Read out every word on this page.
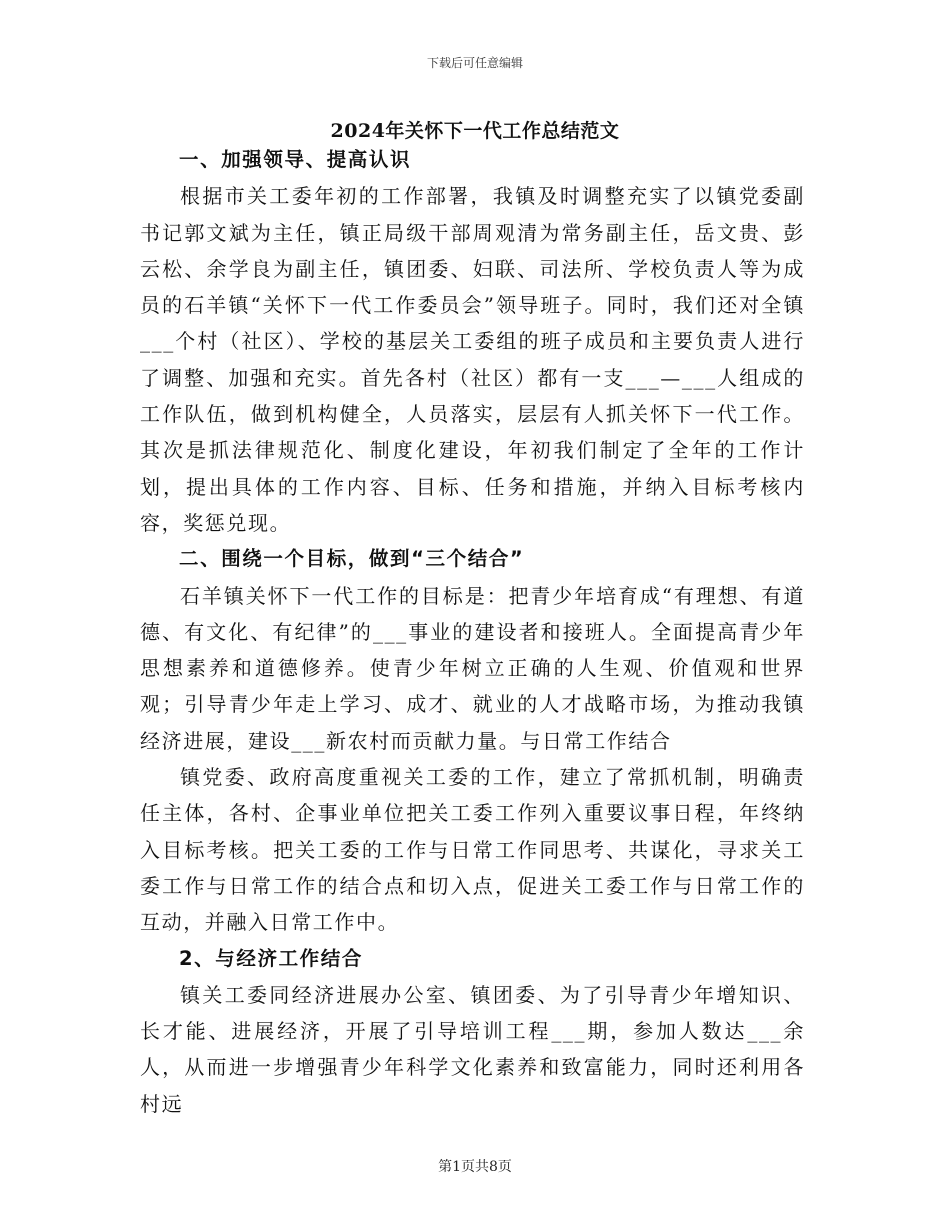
下载后可任意编辑
2024年关怀下一代工作总结范文

一、加强领导、提高认识

根据市关工委年初的工作部署，我镇及时调整充实了以镇党委副书记郭文斌为主任，镇正局级干部周观清为常务副主任，岳文贵、彭云松、余学良为副主任，镇团委、妇联、司法所、学校负责人等为成员的石羊镇“关怀下一代工作委员会”领导班子。同时，我们还对全镇___个村（社区）、学校的基层关工委组的班子成员和主要负责人进行了调整、加强和充实。首先各村（社区）都有一支___—___人组成的工作队伍，做到机构健全，人员落实，层层有人抓关怀下一代工作。其次是抓法律规范化、制度化建设，年初我们制定了全年的工作计划，提出具体的工作内容、目标、任务和措施，并纳入目标考核内容，奖惩兑现。

二、围绕一个目标，做到“三个结合”

石羊镇关怀下一代工作的目标是：把青少年培育成“有理想、有道德、有文化、有纪律”的___事业的建设者和接班人。全面提高青少年思想素养和道德修养。使青少年树立正确的人生观、价值观和世界观；引导青少年走上学习、成才、就业的人才战略市场，为推动我镇经济进展，建设___新农村而贡献力量。与日常工作结合

镇党委、政府高度重视关工委的工作，建立了常抓机制，明确责任主体，各村、企事业单位把关工委工作列入重要议事日程，年终纳入目标考核。把关工委的工作与日常工作同思考、共谋化，寻求关工委工作与日常工作的结合点和切入点，促进关工委工作与日常工作的互动，并融入日常工作中。

2、与经济工作结合

镇关工委同经济进展办公室、镇团委、为了引导青少年增知识、长才能、进展经济，开展了引导培训工程___期，参加人数达___余人，从而进一步增强青少年科学文化素养和致富能力，同时还利用各村远

第1页共8页
